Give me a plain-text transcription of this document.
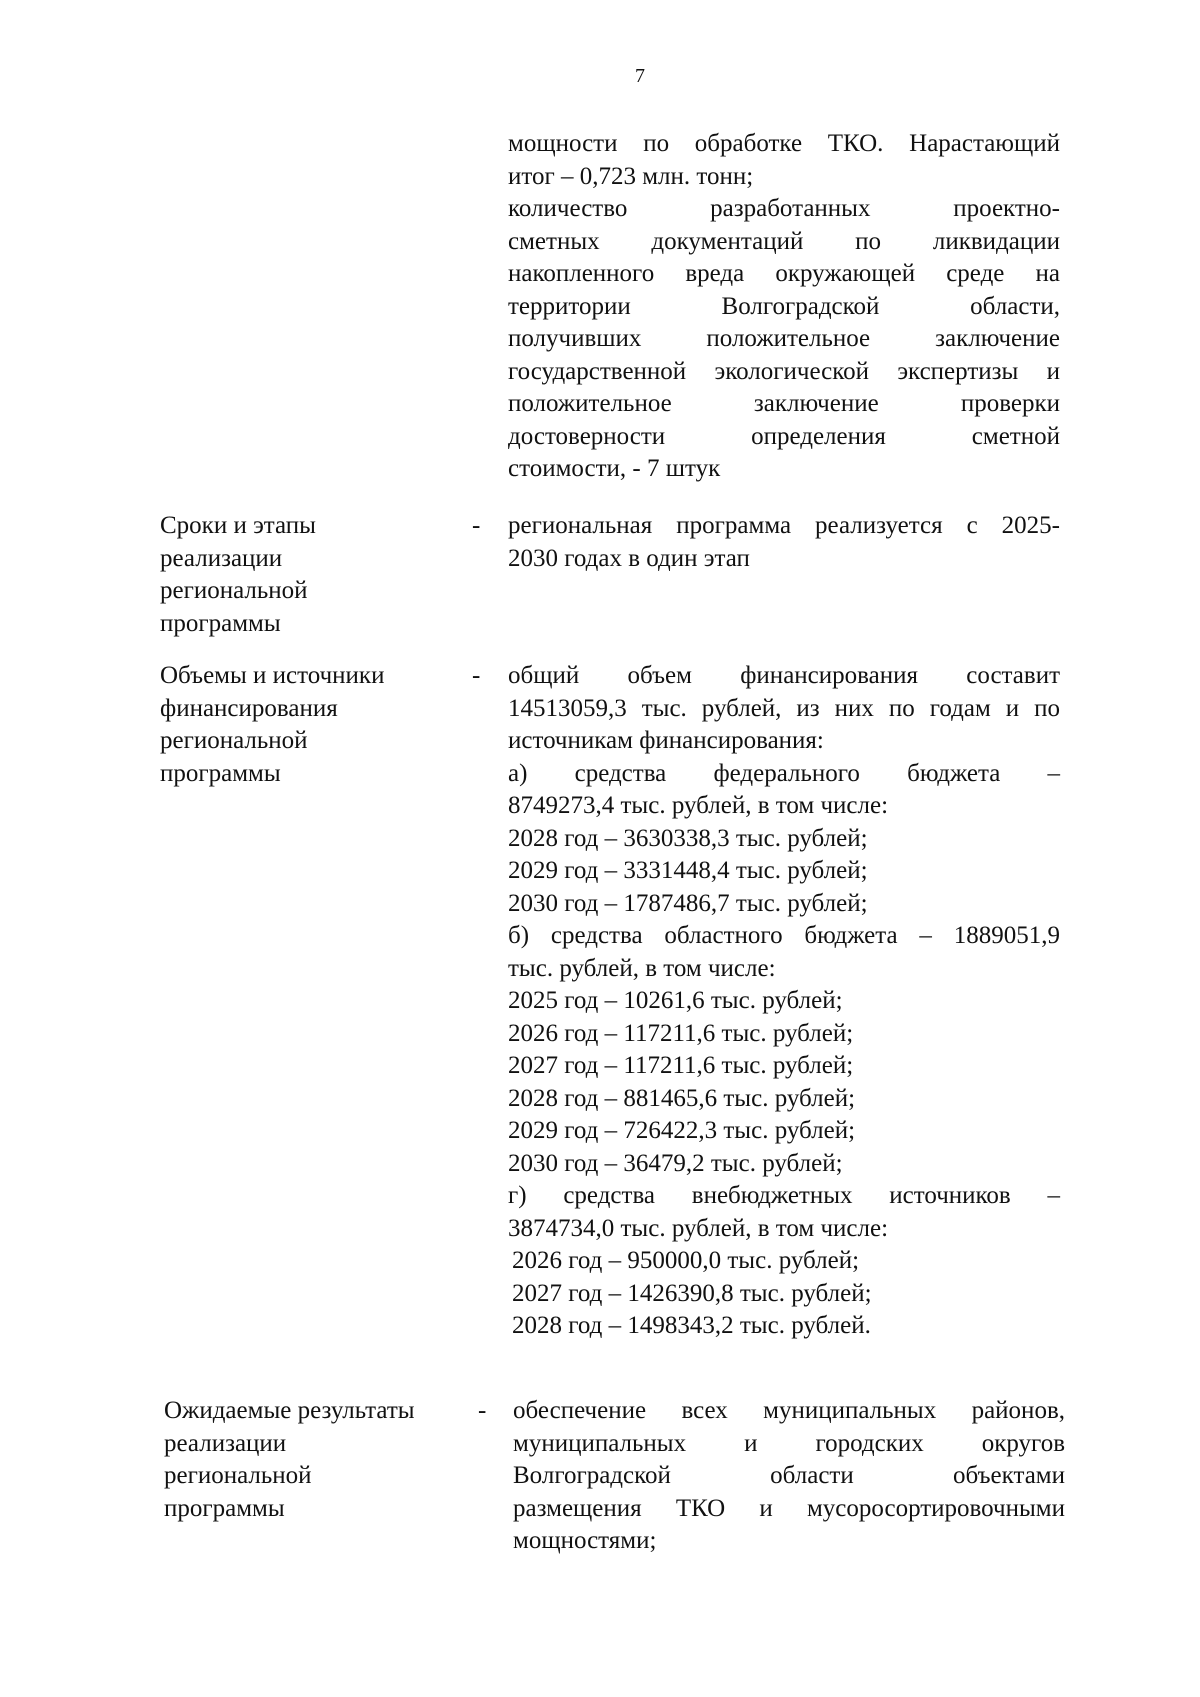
7
мощности по обработке ТКО. Нарастающий
итог – 0,723 млн. тонн;
количество разработанных проектно-
сметных документаций по ликвидации
накопленного вреда окружающей среде на
территории Волгоградской области,
получивших положительное заключение
государственной экологической экспертизы и
положительное заключение проверки
достоверности определения сметной
стоимости, - 7 штук
Сроки и этапы
реализации
региональной
программы
-	региональная программа реализуется с 2025-
2030 годах в один этап
Объемы и источники
финансирования
региональной
программы
-	общий объем финансирования составит
14513059,3 тыс. рублей, из них по годам и по
источникам финансирования:
а) средства федерального бюджета –
8749273,4 тыс. рублей, в том числе:
2028 год – 3630338,3 тыс. рублей;
2029 год – 3331448,4 тыс. рублей;
2030 год – 1787486,7 тыс. рублей;
б) средства областного бюджета – 1889051,9
тыс. рублей, в том числе:
2025 год – 10261,6 тыс. рублей;
2026 год – 117211,6 тыс. рублей;
2027 год – 117211,6 тыс. рублей;
2028 год – 881465,6 тыс. рублей;
2029 год – 726422,3 тыс. рублей;
2030 год – 36479,2 тыс. рублей;
г) средства внебюджетных источников –
3874734,0 тыс. рублей, в том числе:
2026 год – 950000,0 тыс. рублей;
2027 год – 1426390,8 тыс. рублей;
2028 год – 1498343,2 тыс. рублей.
Ожидаемые результаты
реализации
региональной
программы
-	обеспечение всех муниципальных районов,
муниципальных и городских округов
Волгоградской области объектами
размещения ТКО и мусоросортировочными
мощностями;
